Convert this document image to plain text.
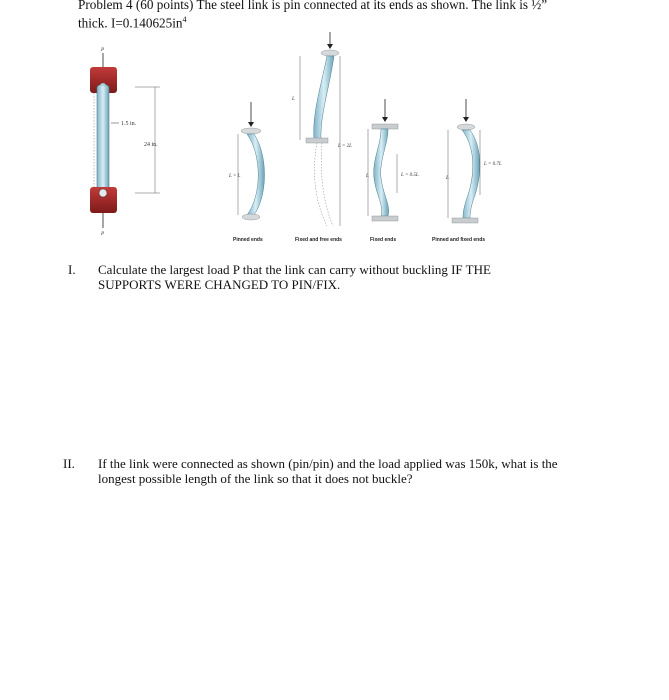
Problem 4 (60 points) The steel link is pin connected at its ends as shown. The link is ½”
thick. $I=0.140625in^4$
P
P
1.5 in.
24 in.
L = L
Pinned ends
L
L = 2L
Fixed and free ends
L	L = 0.5L
Fixed ends
L
L = 0.7L
Pinned and fixed ends
I. Calculate the largest load P that the link can carry without buckling IF THE SUPPORTS WERE CHANGED TO PIN/FIX.
II. If the link were connected as shown (pin/pin) and the load applied was 150k, what is the longest possible length of the link so that it does not buckle?
